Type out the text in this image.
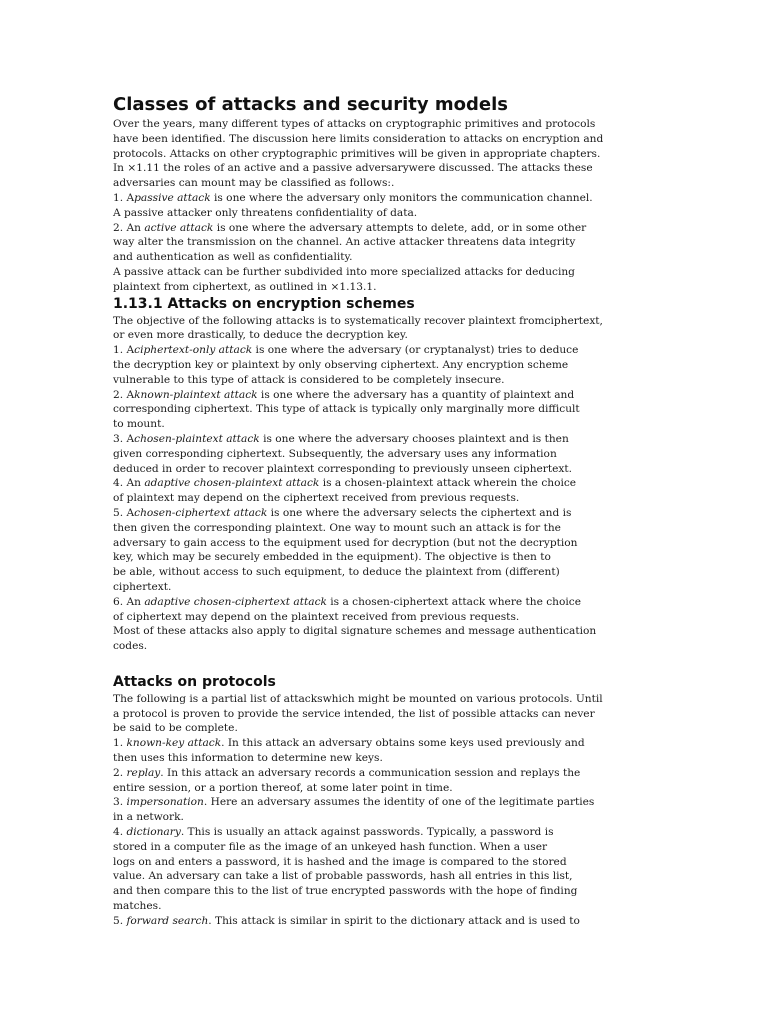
Classes of attacks and security models
Over the years, many different types of attacks on cryptographic primitives and protocols
have been identified. The discussion here limits consideration to attacks on encryption and
protocols. Attacks on other cryptographic primitives will be given in appropriate chapters.
In ×1.11 the roles of an active and a passive adversarywere discussed. The attacks these
adversaries can mount may be classified as follows:.
1. Apassive attack is one where the adversary only monitors the communication channel.
A passive attacker only threatens confidentiality of data.
2. An active attack is one where the adversary attempts to delete, add, or in some other
way alter the transmission on the channel. An active attacker threatens data integrity
and authentication as well as confidentiality.
A passive attack can be further subdivided into more specialized attacks for deducing
plaintext from ciphertext, as outlined in ×1.13.1.
1.13.1 Attacks on encryption schemes
The objective of the following attacks is to systematically recover plaintext fromciphertext,
or even more drastically, to deduce the decryption key.
1. Aciphertext-only attack is one where the adversary (or cryptanalyst) tries to deduce
the decryption key or plaintext by only observing ciphertext. Any encryption scheme
vulnerable to this type of attack is considered to be completely insecure.
2. Aknown-plaintext attack is one where the adversary has a quantity of plaintext and
corresponding ciphertext. This type of attack is typically only marginally more difficult
to mount.
3. Achosen-plaintext attack is one where the adversary chooses plaintext and is then
given corresponding ciphertext. Subsequently, the adversary uses any information
deduced in order to recover plaintext corresponding to previously unseen ciphertext.
4. An adaptive chosen-plaintext attack is a chosen-plaintext attack wherein the choice
of plaintext may depend on the ciphertext received from previous requests.
5. Achosen-ciphertext attack is one where the adversary selects the ciphertext and is
then given the corresponding plaintext. One way to mount such an attack is for the
adversary to gain access to the equipment used for decryption (but not the decryption
key, which may be securely embedded in the equipment). The objective is then to
be able, without access to such equipment, to deduce the plaintext from (different)
ciphertext.
6. An adaptive chosen-ciphertext attack is a chosen-ciphertext attack where the choice
of ciphertext may depend on the plaintext received from previous requests.
Most of these attacks also apply to digital signature schemes and message authentication
codes.
Attacks on protocols
The following is a partial list of attackswhich might be mounted on various protocols. Until
a protocol is proven to provide the service intended, the list of possible attacks can never
be said to be complete.
1. known-key attack. In this attack an adversary obtains some keys used previously and
then uses this information to determine new keys.
2. replay. In this attack an adversary records a communication session and replays the
entire session, or a portion thereof, at some later point in time.
3. impersonation. Here an adversary assumes the identity of one of the legitimate parties
in a network.
4. dictionary. This is usually an attack against passwords. Typically, a password is
stored in a computer file as the image of an unkeyed hash function. When a user
logs on and enters a password, it is hashed and the image is compared to the stored
value. An adversary can take a list of probable passwords, hash all entries in this list,
and then compare this to the list of true encrypted passwords with the hope of finding
matches.
5. forward search. This attack is similar in spirit to the dictionary attack and is used to
